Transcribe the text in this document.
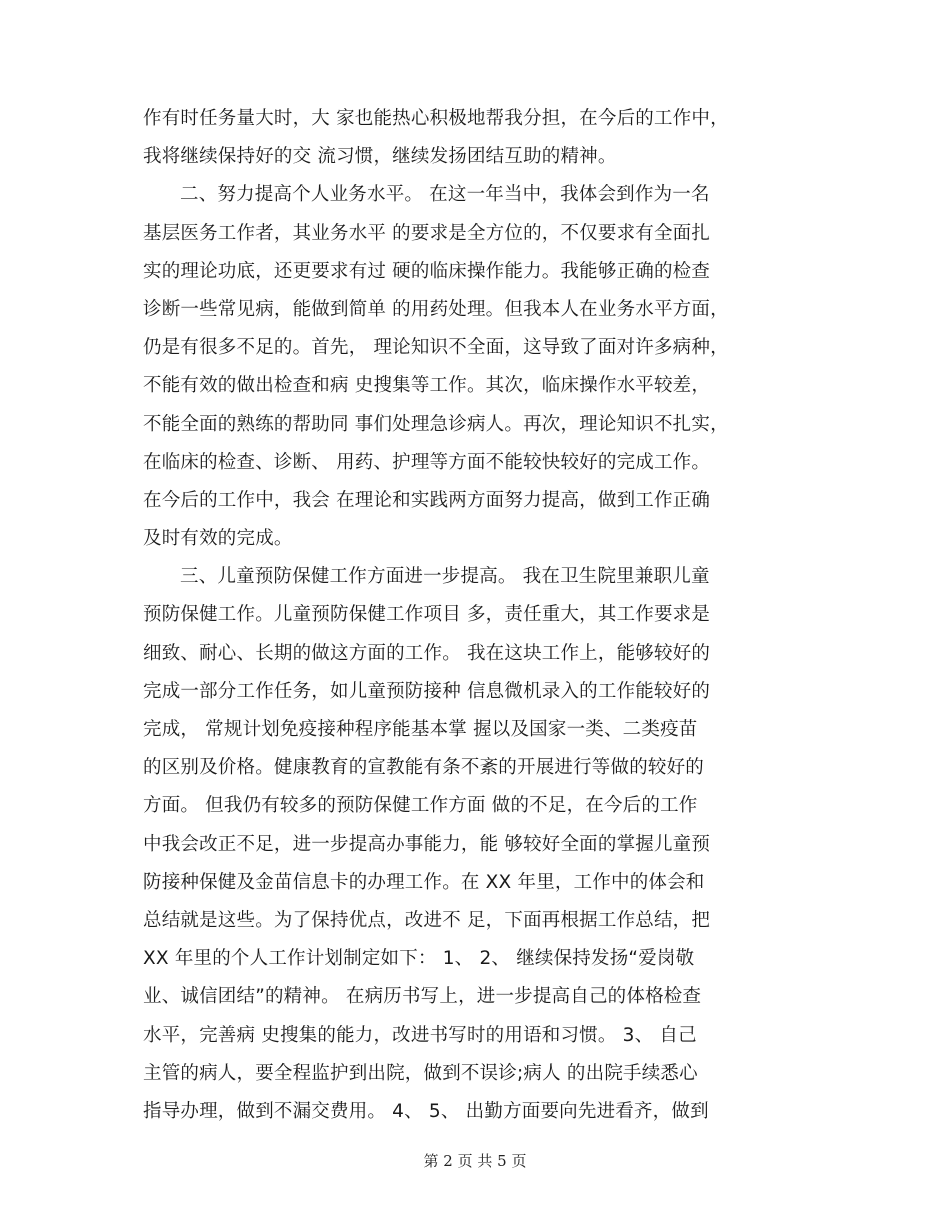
作有时任务量大时，大 家也能热心积极地帮我分担，在今后的工作中，
我将继续保持好的交 流习惯，继续发扬团结互助的精神。
二、努力提高个人业务水平。 在这一年当中，我体会到作为一名
基层医务工作者，其业务水平 的要求是全方位的，不仅要求有全面扎
实的理论功底，还更要求有过 硬的临床操作能力。我能够正确的检查
诊断一些常见病，能做到简单 的用药处理。但我本人在业务水平方面，
仍是有很多不足的。首先， 理论知识不全面，这导致了面对许多病种，
不能有效的做出检查和病 史搜集等工作。其次，临床操作水平较差，
不能全面的熟练的帮助同 事们处理急诊病人。再次，理论知识不扎实，
在临床的检查、诊断、 用药、护理等方面不能较快较好的完成工作。
在今后的工作中，我会 在理论和实践两方面努力提高，做到工作正确
及时有效的完成。
三、儿童预防保健工作方面进一步提高。 我在卫生院里兼职儿童
预防保健工作。儿童预防保健工作项目 多，责任重大，其工作要求是
细致、耐心、长期的做这方面的工作。 我在这块工作上，能够较好的
完成一部分工作任务，如儿童预防接种 信息微机录入的工作能较好的
完成， 常规计划免疫接种程序能基本掌 握以及国家一类、二类疫苗
的区别及价格。健康教育的宣教能有条不紊的开展进行等做的较好的
方面。 但我仍有较多的预防保健工作方面 做的不足，在今后的工作
中我会改正不足，进一步提高办事能力，能 够较好全面的掌握儿童预
防接种保健及金苗信息卡的办理工作。在 XX 年里，工作中的体会和
总结就是这些。为了保持优点，改进不 足，下面再根据工作总结，把
XX 年里的个人工作计划制定如下： 1、 2、 继续保持发扬“爱岗敬
业、诚信团结”的精神。 在病历书写上，进一步提高自己的体格检查
水平，完善病 史搜集的能力，改进书写时的用语和习惯。 3、 自己
主管的病人，要全程监护到出院，做到不误诊;病人 的出院手续悉心
指导办理，做到不漏交费用。 4、 5、 出勤方面要向先进看齐，做到
第 2 页 共 5 页
